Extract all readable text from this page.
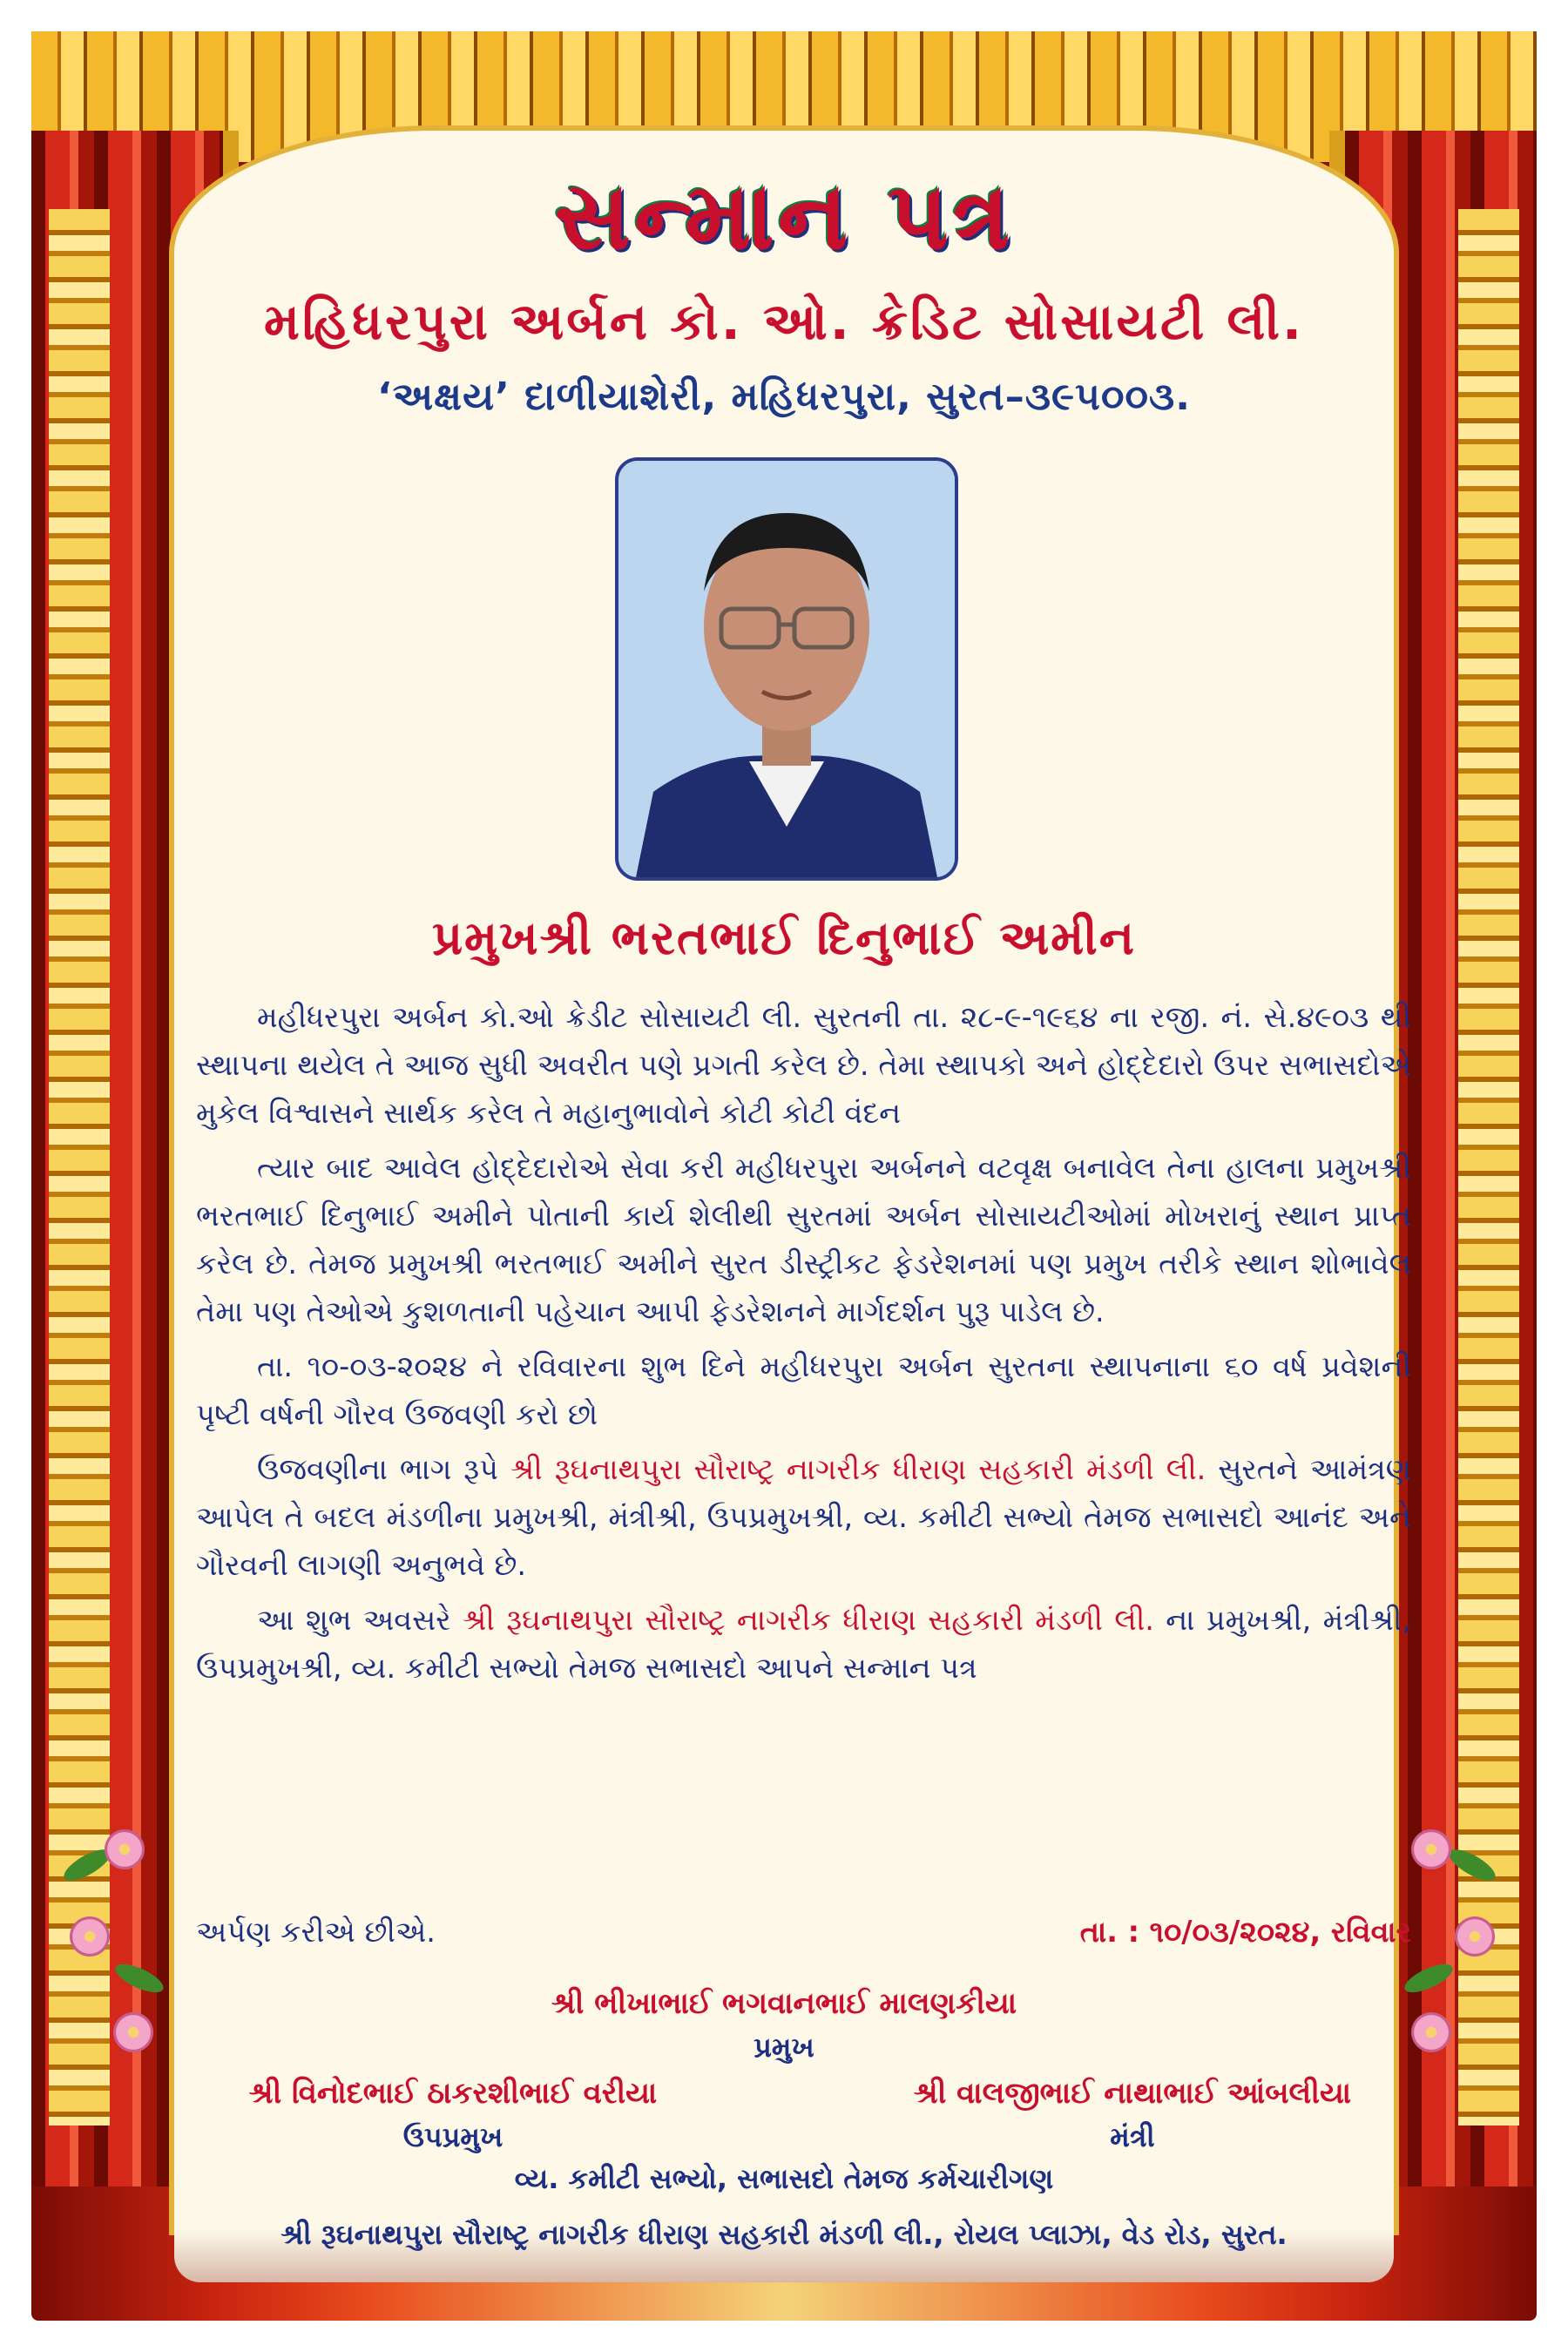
સન્માન પત્ર
મહિધરપુરા અર્બન કો. ઓ. ક્રેડિટ સોસાયટી લી.
‘અક્ષય’ દાળીયાશેરી, મહિધરપુરા, સુરત–૩૯૫૦૦૩.
પ્રમુખશ્રી ભરતભાઈ દિનુભાઈ અમીન

મહીધરપુરા અર્બન કો.ઓ ક્રેડીટ સોસાયટી લી. સુરતની તા. ૨૮-૯-૧૯૬૪ ના રજી. નં. સે.૪૯૦૩ થી સ્થાપના થયેલ તે આજ સુધી અવરીત પણે પ્રગતી કરેલ છે. તેમા સ્થાપકો અને હોદ્દેદારો ઉપર સભાસદોએ મુકેલ વિશ્વાસને સાર્થક કરેલ તે મહાનુભાવોને કોટી કોટી વંદન

ત્યાર બાદ આવેલ હોદ્દેદારોએ સેવા કરી મહીધરપુરા અર્બનને વટવૃક્ષ બનાવેલ તેના હાલના પ્રમુખશ્રી ભરતભાઈ દિનુભાઈ અમીને પોતાની કાર્ય શેલીથી સુરતમાં અર્બન સોસાયટીઓમાં મોખરાનું સ્થાન પ્રાપ્ત કરેલ છે. તેમજ પ્રમુખશ્રી ભરતભાઈ અમીને સુરત ડીસ્ટ્રીકટ ફેડરેશનમાં પણ પ્રમુખ તરીકે સ્થાન શોભાવેલ તેમા પણ તેઓએ કુશળતાની પહેચાન આપી ફેડરેશનને માર્ગદર્શન પુરૂ પાડેલ છે.

તા. ૧૦-૦૩-૨૦૨૪ ને રવિવારના શુભ દિને મહીધરપુરા અર્બન સુરતના સ્થાપનાના ૬૦ વર્ષ પ્રવેશની પૃષ્ટી વર્ષની ગૌરવ ઉજવણી કરો છો

ઉજવણીના ભાગ રૂપે શ્રી રૂઘનાથપુરા સૌરાષ્ટ્ર નાગરીક ધીરાણ સહકારી મંડળી લી. સુરતને આમંત્રણ આપેલ તે બદલ મંડળીના પ્રમુખશ્રી, મંત્રીશ્રી, ઉપપ્રમુખશ્રી, વ્ય. કમીટી સભ્યો તેમજ સભાસદો આનંદ અને ગૌરવની લાગણી અનુભવે છે.

આ શુભ અવસરે શ્રી રૂઘનાથપુરા સૌરાષ્ટ્ર નાગરીક ધીરાણ સહકારી મંડળી લી. ના પ્રમુખશ્રી, મંત્રીશ્રી, ઉપપ્રમુખશ્રી, વ્ય. કમીટી સભ્યો તેમજ સભાસદો આપને સન્માન પત્ર

અર્પણ કરીએ છીએ.	તા. : ૧૦/૦૩/૨૦૨૪, રવિવાર
શ્રી ભીખાભાઈ ભગવાનભાઈ માલણકીયા
પ્રમુખ
શ્રી વિનોદભાઈ ઠાકરશીભાઈ વરીયા
ઉપપ્રમુખ
શ્રી વાલજીભાઈ નાથાભાઈ આંબલીયા
મંત્રી
વ્ય. કમીટી સભ્યો, સભાસદો તેમજ કર્મચારીગણ
શ્રી રૂઘનાથપુરા સૌરાષ્ટ્ર નાગરીક ધીરાણ સહકારી મંડળી લી., રોયલ પ્લાઝા, વેડ રોડ, સુરત.
